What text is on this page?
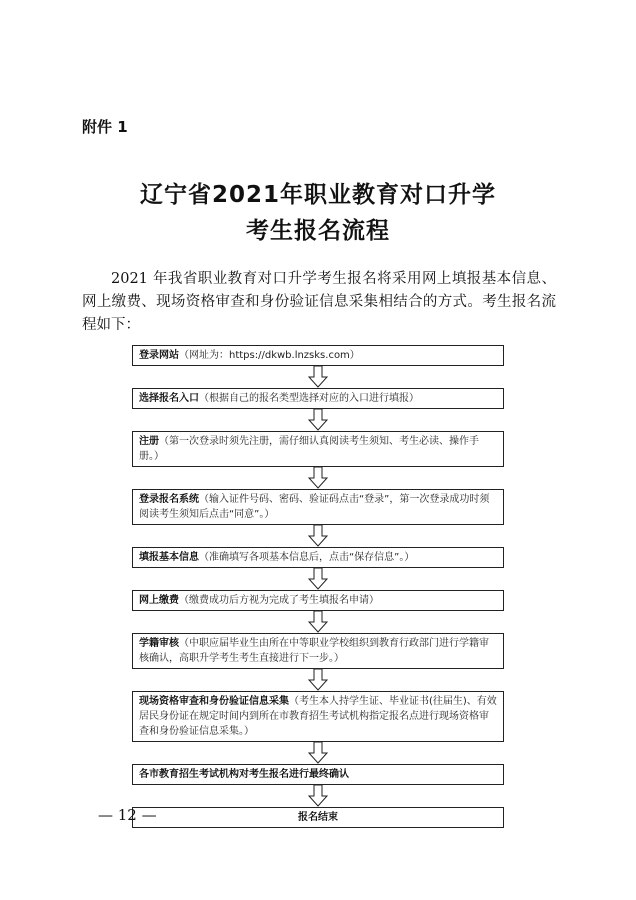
附件 1
辽宁省2021年职业教育对口升学
考生报名流程
2021 年我省职业教育对口升学考生报名将采用网上填报基本信息、网上缴费、现场资格审查和身份验证信息采集相结合的方式。考生报名流程如下：
登录网站（网址为：https://dkwb.lnzsks.com）
选择报名入口（根据自己的报名类型选择对应的入口进行填报）
注册（第一次登录时须先注册，需仔细认真阅读考生须知、考生必读、操作手册。）
登录报名系统（输入证件号码、密码、验证码点击“登录”，第一次登录成功时须阅读考生须知后点击“同意”。）
填报基本信息（准确填写各项基本信息后，点击“保存信息”。）
网上缴费（缴费成功后方视为完成了考生填报名申请）
学籍审核（中职应届毕业生由所在中等职业学校组织到教育行政部门进行学籍审核确认，高职升学考生考生直接进行下一步。）
现场资格审查和身份验证信息采集（考生本人持学生证、毕业证书(往届生)、有效居民身份证在规定时间内到所在市教育招生考试机构指定报名点进行现场资格审查和身份验证信息采集。）
各市教育招生考试机构对考生报名进行最终确认
报名结束
— 12 —
